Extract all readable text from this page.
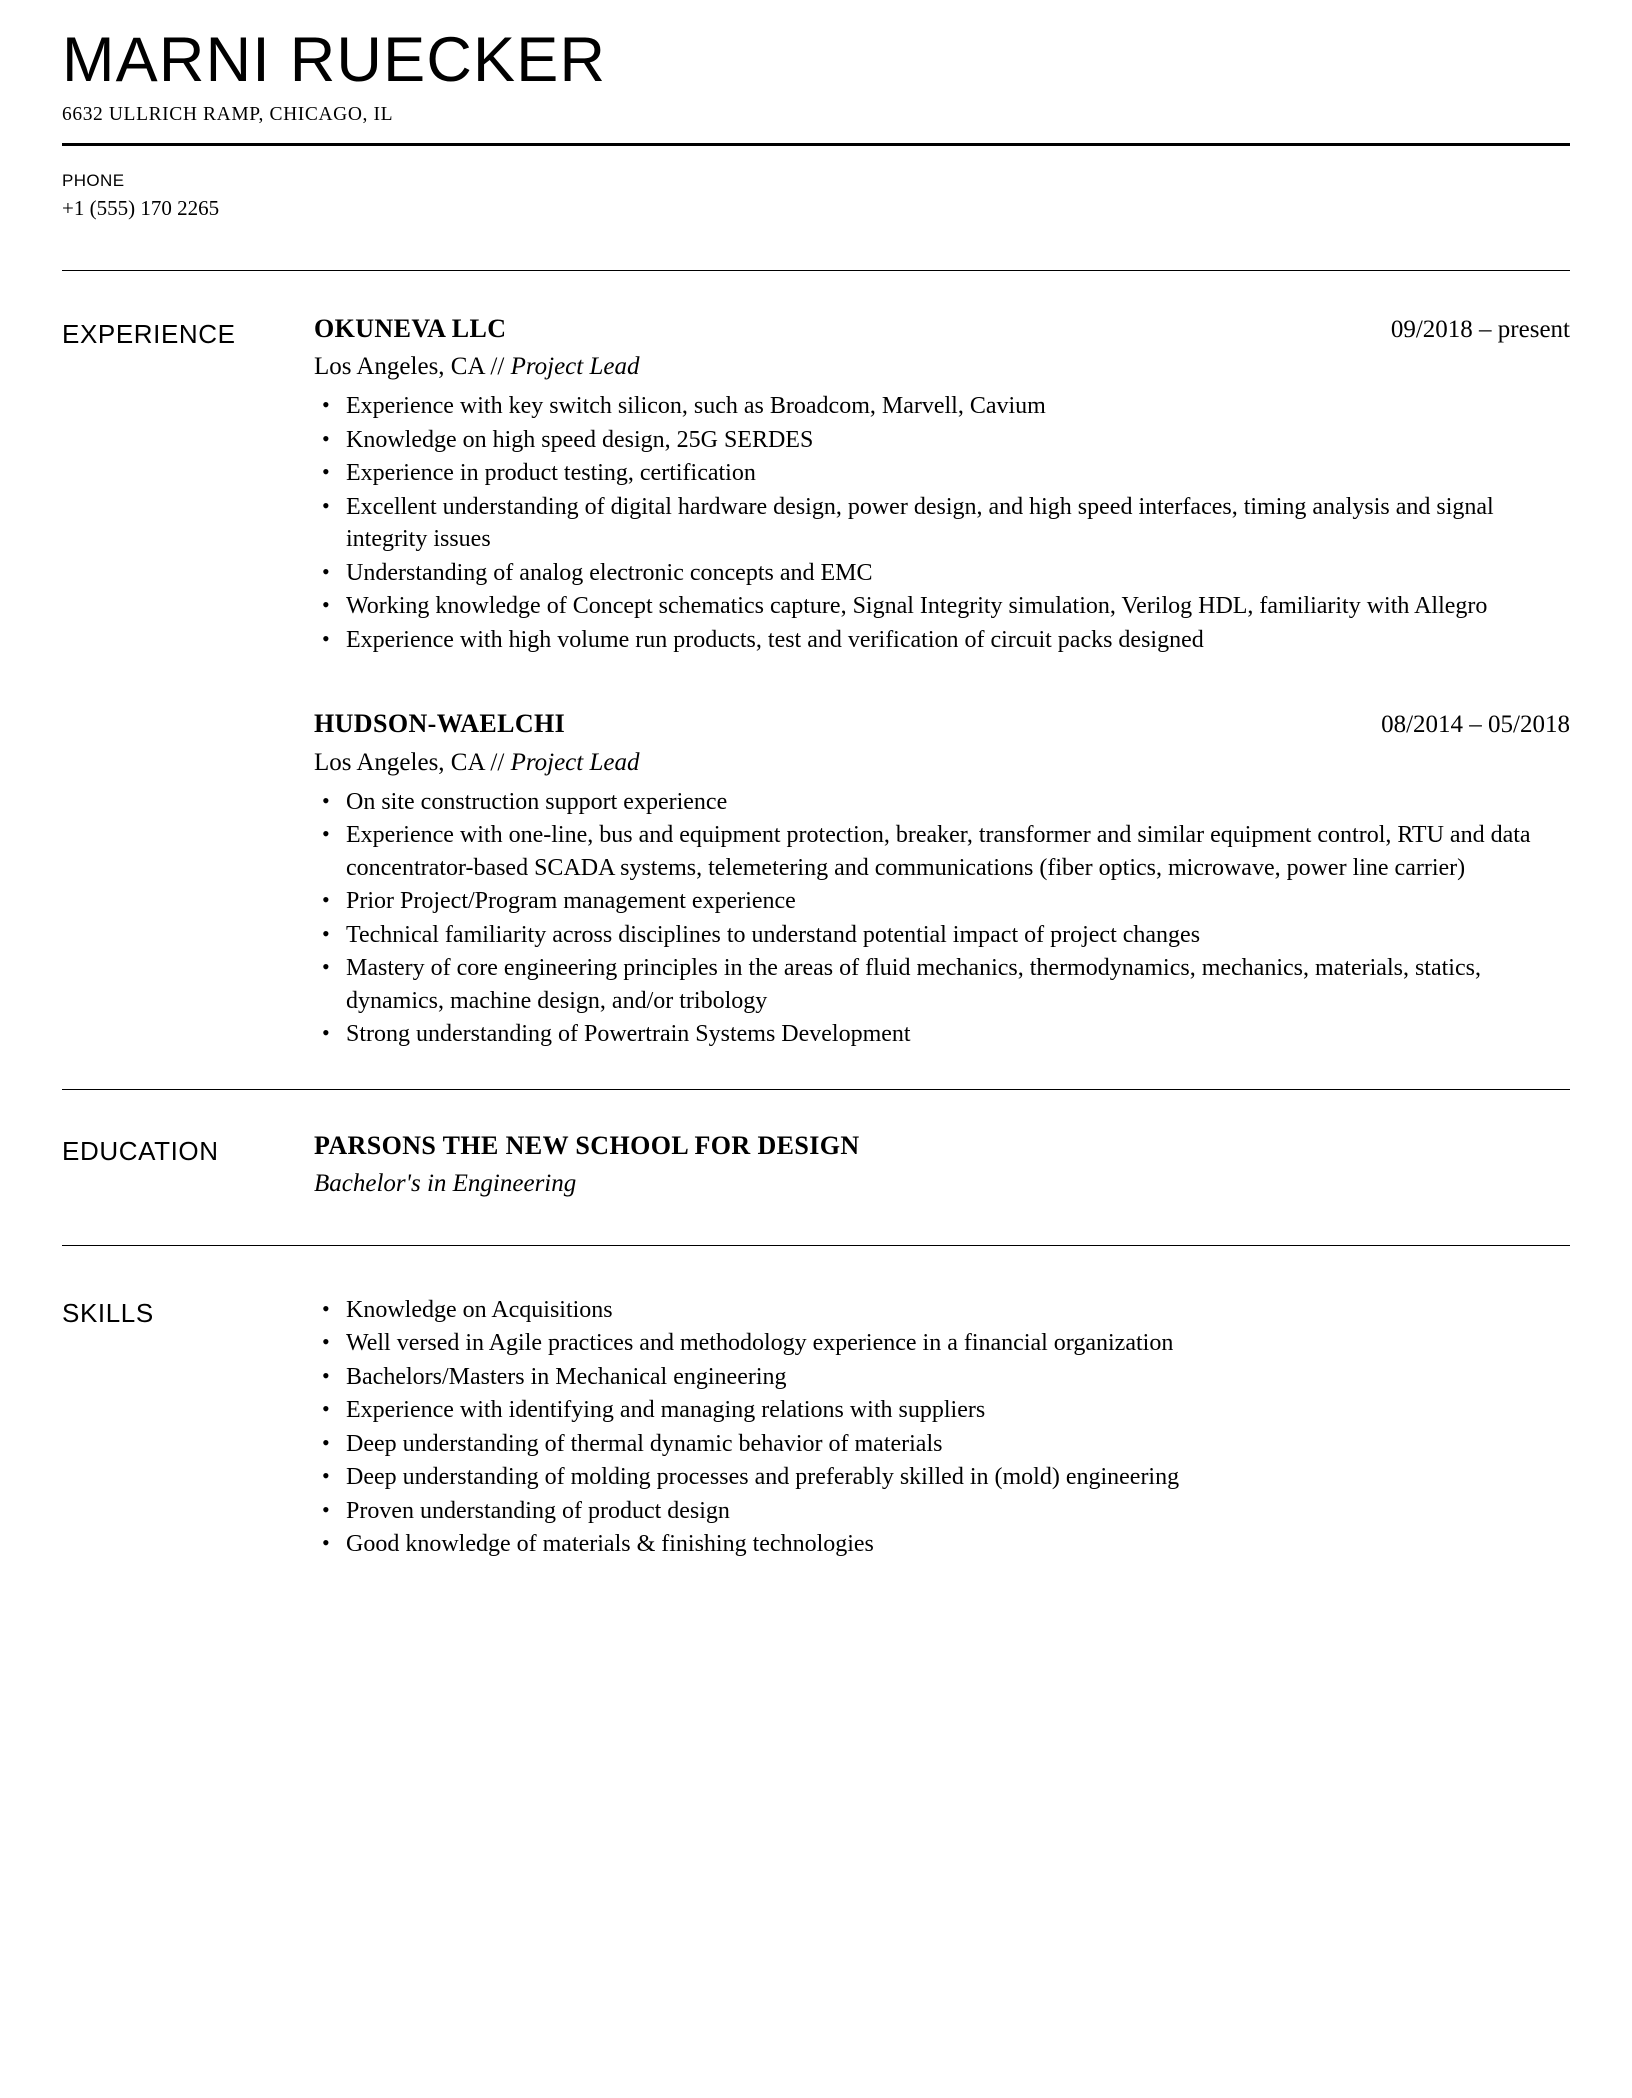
MARNI RUECKER
6632 ULLRICH RAMP, CHICAGO, IL
PHONE
+1 (555) 170 2265
EXPERIENCE	OKUNEVA LLC	09/2018 – present
Los Angeles, CA // Project Lead
• Experience with key switch silicon, such as Broadcom, Marvell, Cavium
• Knowledge on high speed design, 25G SERDES
• Experience in product testing, certification
• Excellent understanding of digital hardware design, power design, and high speed interfaces, timing analysis and signal integrity issues
• Understanding of analog electronic concepts and EMC
• Working knowledge of Concept schematics capture, Signal Integrity simulation, Verilog HDL, familiarity with Allegro
• Experience with high volume run products, test and verification of circuit packs designed
HUDSON-WAELCHI	08/2014 – 05/2018
Los Angeles, CA // Project Lead
• On site construction support experience
• Experience with one-line, bus and equipment protection, breaker, transformer and similar equipment control, RTU and data concentrator-based SCADA systems, telemetering and communications (fiber optics, microwave, power line carrier)
• Prior Project/Program management experience
• Technical familiarity across disciplines to understand potential impact of project changes
• Mastery of core engineering principles in the areas of fluid mechanics, thermodynamics, mechanics, materials, statics, dynamics, machine design, and/or tribology
• Strong understanding of Powertrain Systems Development
EDUCATION	PARSONS THE NEW SCHOOL FOR DESIGN
Bachelor's in Engineering
SKILLS	• Knowledge on Acquisitions
• Well versed in Agile practices and methodology experience in a financial organization
• Bachelors/Masters in Mechanical engineering
• Experience with identifying and managing relations with suppliers
• Deep understanding of thermal dynamic behavior of materials
• Deep understanding of molding processes and preferably skilled in (mold) engineering
• Proven understanding of product design
• Good knowledge of materials & finishing technologies
